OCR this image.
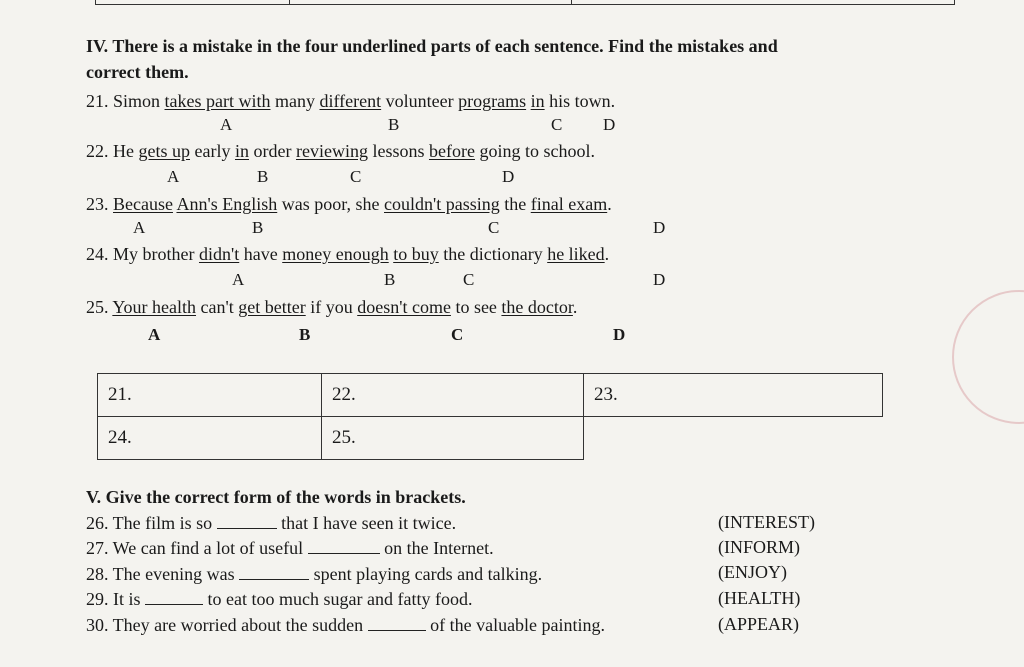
IV. There is a mistake in the four underlined parts of each sentence. Find the mistakes and
correct them.
21. Simon takes part with many different volunteer programs in his town.
A	B	C D
22. He gets up early in order reviewing lessons before going to school.
A	B	C	D
23. Because Ann's English was poor, she couldn't passing the final exam.
A	B	C	D
24. My brother didn't have money enough to buy the dictionary he liked.
A	B	C	D
25. Your health can't get better if you doesn't come to see the doctor.
A	B	C	D
21.	22.	23.
24.	25.	
V. Give the correct form of the words in brackets.
26. The film is so	that I have seen it twice.	(INTEREST)
27. We can find a lot of useful	on the Internet.	(INFORM)
28. The evening was	spent playing cards and talking.	(ENJOY)
29. It is	to eat too much sugar and fatty food.	(HEALTH)
30. They are worried about the sudden	of the valuable painting.	(APPEAR)
